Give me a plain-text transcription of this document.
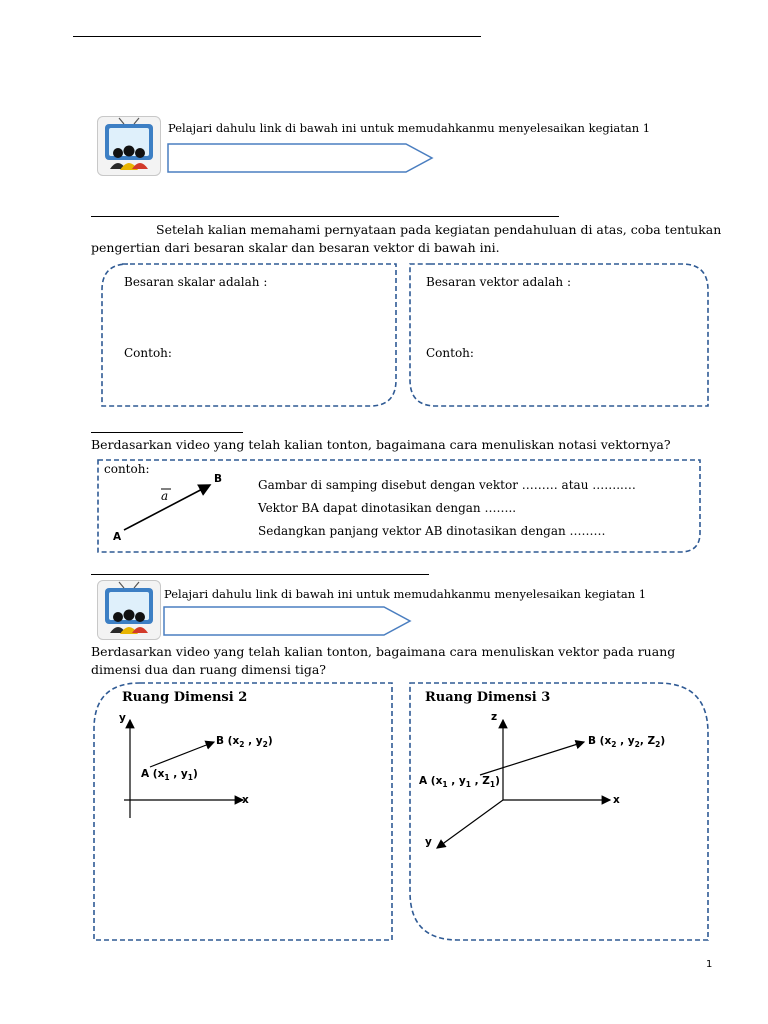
Pelajari dahulu link di bawah ini untuk memudahkanmu menyelesaikan kegiatan 1
Setelah kalian memahami pernyataan pada kegiatan pendahuluan di atas, coba tentukan
pengertian dari besaran skalar dan besaran vektor di bawah ini.
Besaran skalar adalah :
Contoh:
Besaran vektor adalah :
Contoh:
Berdasarkan video yang telah kalian tonton, bagaimana cara menuliskan notasi vektornya?
contoh:
A
B
a
Gambar di samping disebut dengan vektor ……… atau ……..…
Vektor BA dapat dinotasikan dengan ……..
Sedangkan panjang vektor AB dinotasikan dengan ………
Pelajari dahulu link di bawah ini untuk memudahkanmu menyelesaikan kegiatan 1
Berdasarkan video yang telah kalian tonton, bagaimana cara menuliskan vektor pada ruang
dimensi dua dan ruang dimensi tiga?
Ruang Dimensi 2
y
x
B ($x_2$ , $y_2$)
A ($x_1$ , $y_1$)
Ruang Dimensi 3
z
x
y
B ($x_2$ , $y_2$, $Z_2$)
A ($x_1$ , $y_1$ , $Z_1$)
1
